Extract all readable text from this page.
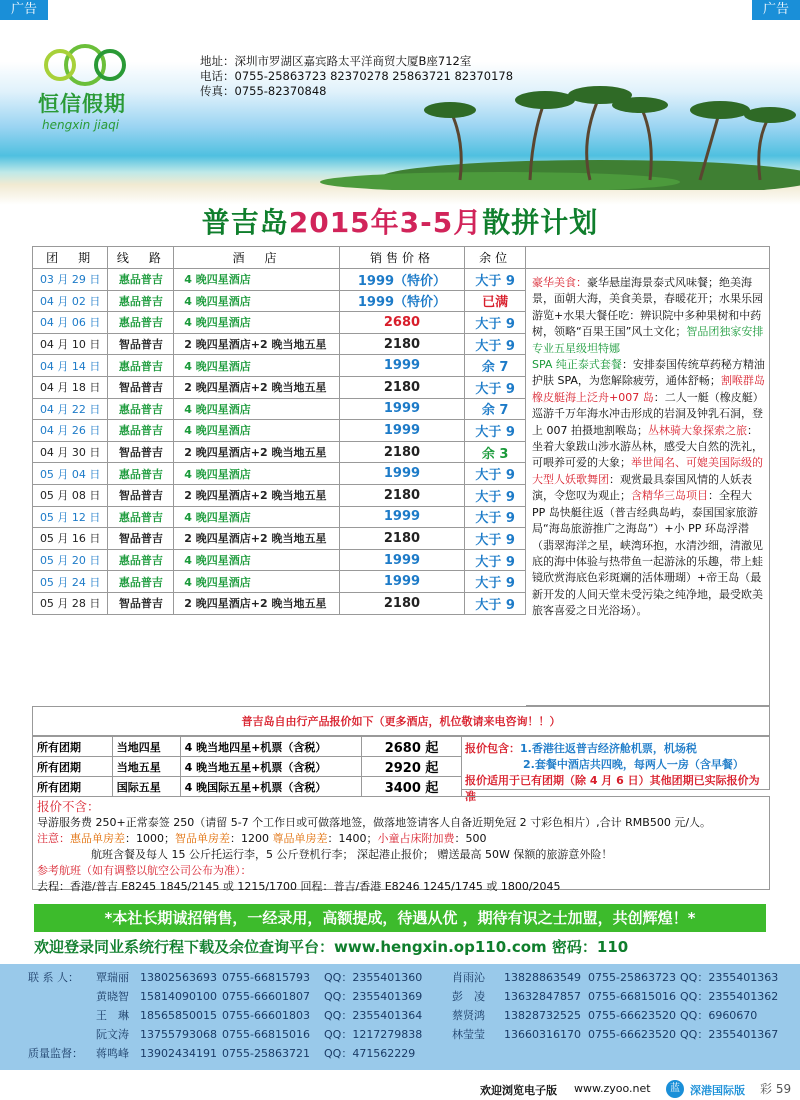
恒信假期
hengxin jiaqi
地址：深圳市罗湖区嘉宾路太平洋商贸大厦B座712室
电话：0755-25863723 82370278 25863721 82370178
传真：0755-82370848
广告	广告
普吉岛2015年3-5月散拼计划
团　期	线　路	酒　店	销售价格	余位
03 月 29 日	惠品普吉	4 晚四星酒店	1999（特价）	大于 9
04 月 02 日	惠品普吉	4 晚四星酒店	1999（特价）	已满
04 月 06 日	惠品普吉	4 晚四星酒店	2680	大于 9
04 月 10 日	智品普吉	2 晚四星酒店+2 晚当地五星	2180	大于 9
04 月 14 日	惠品普吉	4 晚四星酒店	1999	余 7
04 月 18 日	智品普吉	2 晚四星酒店+2 晚当地五星	2180	大于 9
04 月 22 日	惠品普吉	4 晚四星酒店	1999	余 7
04 月 26 日	惠品普吉	4 晚四星酒店	1999	大于 9
04 月 30 日	智品普吉	2 晚四星酒店+2 晚当地五星	2180	余 3
05 月 04 日	惠品普吉	4 晚四星酒店	1999	大于 9
05 月 08 日	智品普吉	2 晚四星酒店+2 晚当地五星	2180	大于 9
05 月 12 日	惠品普吉	4 晚四星酒店	1999	大于 9
05 月 16 日	智品普吉	2 晚四星酒店+2 晚当地五星	2180	大于 9
05 月 20 日	惠品普吉	4 晚四星酒店	1999	大于 9
05 月 24 日	惠品普吉	4 晚四星酒店	1999	大于 9
05 月 28 日	智品普吉	2 晚四星酒店+2 晚当地五星	2180	大于 9
豪华美食：豪华悬崖海景泰式风味餐；绝美海景，面朝大海，美食美景，春暖花开；水果乐园游览+水果大餐任吃：辨识院中多种果树和中药树，领略“百果王国”风土文化；智品团独家安排专业五星级坦特娜
SPA 纯正泰式套餐：安排泰国传统草药秘方精油护肤 SPA，为您解除疲劳，通体舒畅；割喉群岛橡皮艇海上泛舟+007 岛：二人一艇（橡皮艇）巡游千万年海水冲击形成的岩洞及钟乳石洞，登上 007 拍摄地割喉岛；丛林骑大象探索之旅：坐着大象跋山涉水游丛林，感受大自然的洗礼，可喂养可爱的大象；举世闻名、可媲美国际级的大型人妖歌舞团：观赏最具泰国风情的人妖表演，令您叹为观止；含精华三岛项目：全程大 PP 岛快艇往返（普吉经典岛屿，泰国国家旅游局“海岛旅游推广之海岛”）+小 PP 环岛浮潜（翡翠海洋之星，峡湾环抱，水清沙细，清澈见底的海中体验与热带鱼一起游泳的乐趣，带上蛙镜欣赏海底色彩斑斓的活体珊瑚）+帝王岛（最新开发的人间天堂未受污染之纯净地，最受欧美旅客喜爱之日光浴场）。
普吉岛自由行产品报价如下（更多酒店，机位敬请来电咨询！！）
所有团期	当地四星	4 晚当地四星+机票（含税）	2680 起
所有团期	当地五星	4 晚当地五星+机票（含税）	2920 起
所有团期	国际五星	4 晚国际五星+机票（含税）	3400 起
报价包含：1.香港往返普吉经济舱机票，机场税
2.套餐中酒店共四晚，每两人一房（含早餐）
报价适用于已有团期（除 4 月 6 日）其他团期已实际报价为准
报价不含：
导游服务费 250+正常泰签 250（请留 5-7 个工作日或可做落地签，做落地签请客人自备近期免冠 2 寸彩色相片）,合计 RMB500 元/人。
注意：惠品单房差：1000；智品单房差：1200 尊品单房差：1400；小童占床附加费：500
航班含餐及每人 15 公斤托运行李，5 公斤登机行李； 深起港止报价； 赠送最高 50W 保额的旅游意外险！
参考航班（如有调整以航空公司公布为准）：
去程：香港/普吉 E8245 1845/2145 或 1215/1700 回程：普吉/香港 E8246 1245/1745 或 1800/2045
*本社长期诚招销售，一经录用，高额提成，待遇从优 ，期待有识之士加盟，共创辉煌！*
欢迎登录同业系统行程下载及余位查询平台：www.hengxin.op110.com 密码：110
联 系 人： 覃瑞丽 13802563693 0755-66815793 QQ：2355401360	肖雨沁 13828863549 0755-25863723 QQ：2355401363
黄晓智 15814090100 0755-66601807 QQ：2355401369	彭　凌 13632847857 0755-66815016 QQ：2355401362
王　琳 18565850015 0755-66601803 QQ：2355401364	蔡贤鸿 13828732525 0755-66623520 QQ：6960670
阮文涛 13755793068 0755-66815016 QQ：1217279838	林莹莹 13660316170 0755-66623520 QQ：2355401367
质量监督： 蒋鸣峰 13902434191 0755-25863721 QQ：471562229
欢迎浏览电子版 www.zyoo.net	蓝 深港国际版 彩 59
